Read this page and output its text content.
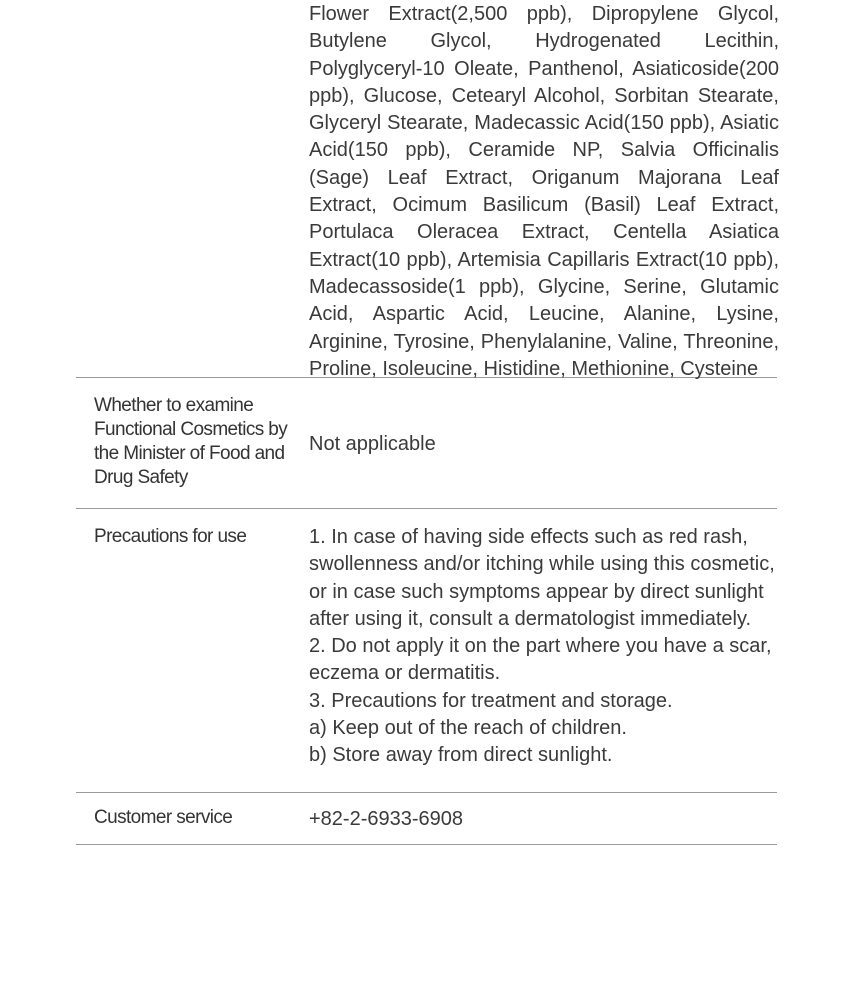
Flower Extract(2,500 ppb), Dipropylene Glycol, Butylene Glycol, Hydrogenated Lecithin, Polyglyceryl-10 Oleate, Panthenol, Asiaticoside(200 ppb), Glucose, Cetearyl Alcohol, Sorbitan Stearate, Glyceryl Stearate, Madecassic Acid(150 ppb), Asiatic Acid(150 ppb), Ceramide NP, Salvia Officinalis (Sage) Leaf Extract, Origanum Majorana Leaf Extract, Ocimum Basilicum (Basil) Leaf Extract, Portulaca Oleracea Extract, Centella Asiatica Extract(10 ppb), Artemisia Capillaris Extract(10 ppb), Madecassoside(1 ppb), Glycine, Serine, Glutamic Acid, Aspartic Acid, Leucine, Alanine, Lysine, Arginine, Tyrosine, Phenylalanine, Valine, Threonine, Proline, Isoleucine, Histidine, Methionine, Cysteine
Whether to examine Functional Cosmetics by the Minister of Food and Drug Safety
Not applicable
Precautions for use	1. In case of having side effects such as red rash,
swollenness and/or itching while using this cosmetic,
or in case such symptoms appear by direct sunlight
after using it, consult a dermatologist immediately.
2. Do not apply it on the part where you have a scar,
eczema or dermatitis.
3. Precautions for treatment and storage.
a) Keep out of the reach of children.
b) Store away from direct sunlight.
Customer service	+82-2-6933-6908
